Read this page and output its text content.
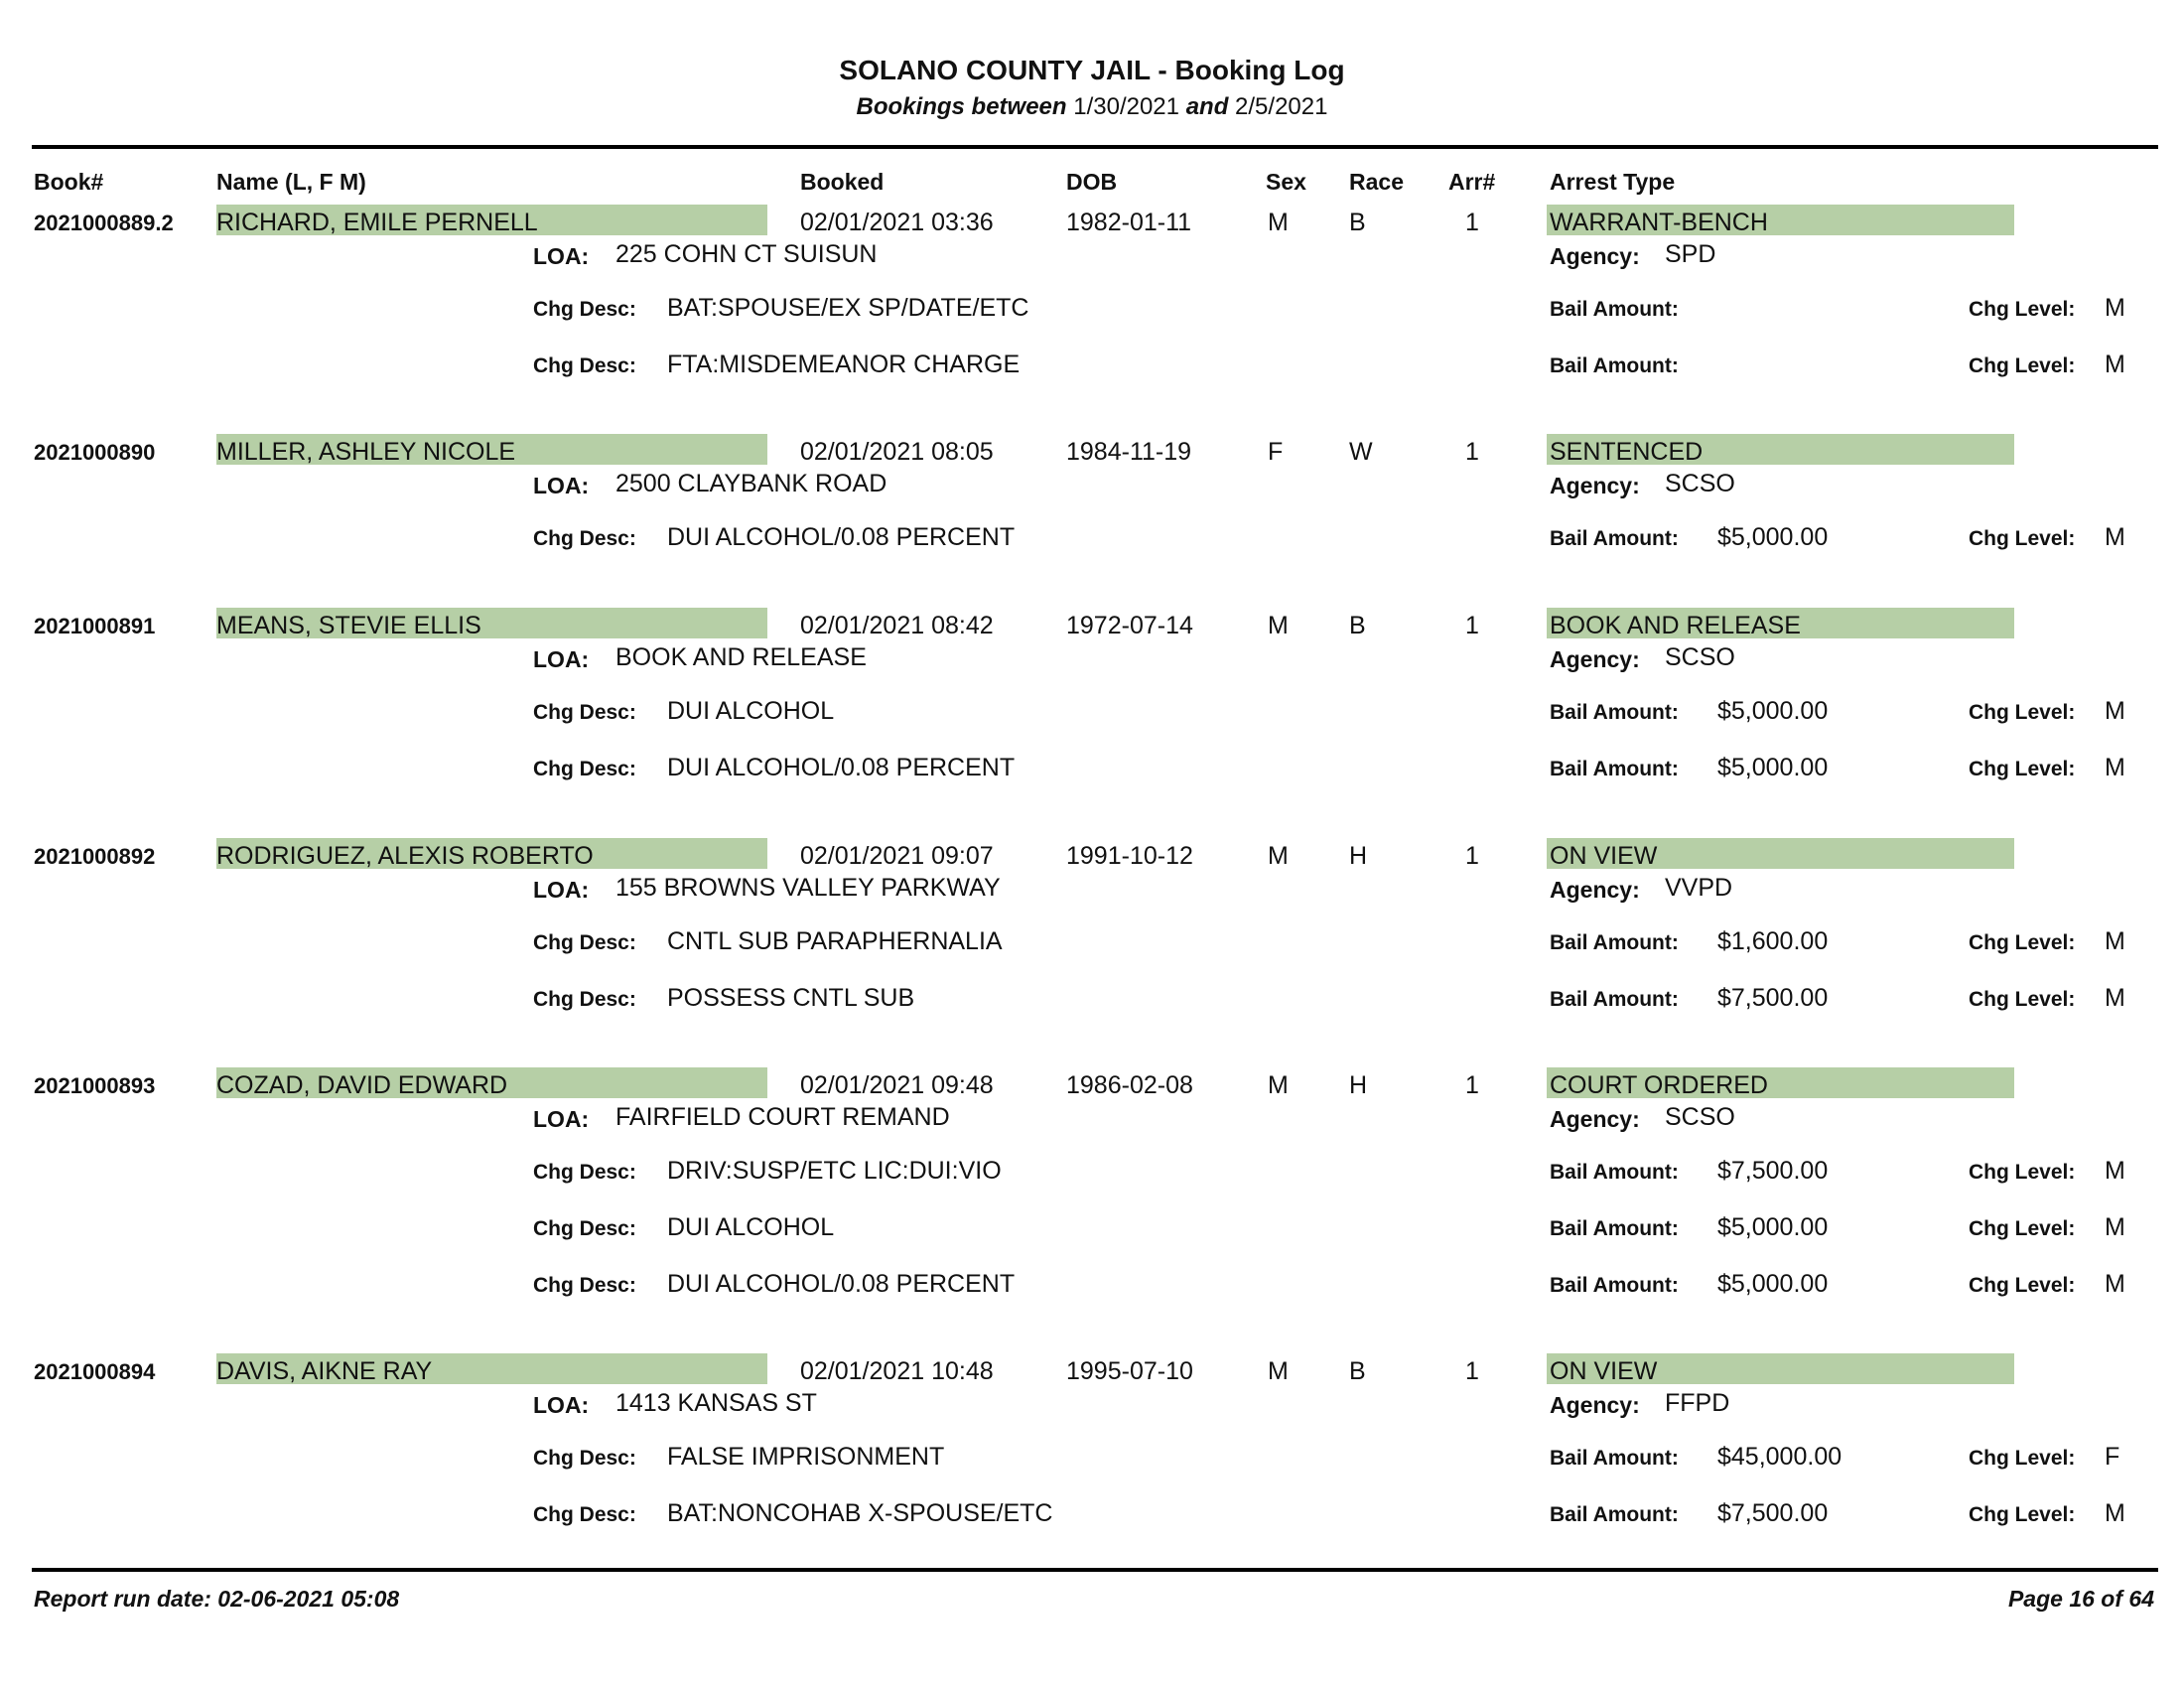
SOLANO COUNTY JAIL - Booking Log
Bookings between 1/30/2021 and 2/5/2021
Book#	Name (L, F M)	Booked	DOB	Sex Race Arr# Arrest Type
2021000889.2 RICHARD, EMILE PERNELL	02/01/2021 03:36	1982-01-11	M B	1	WARRANT-BENCH
LOA: 225 COHN CT SUISUN	Agency: SPD
Chg Desc: BAT:SPOUSE/EX SP/DATE/ETC	Bail Amount:	Chg Level: M
Chg Desc: FTA:MISDEMEANOR CHARGE	Bail Amount:	Chg Level: M
2021000890 MILLER, ASHLEY NICOLE	02/01/2021 08:05	1984-11-19	F	W	1	SENTENCED
LOA: 2500 CLAYBANK ROAD	Agency: SCSO
Chg Desc: DUI ALCOHOL/0.08 PERCENT	Bail Amount: $5,000.00	Chg Level: M
2021000891 MEANS, STEVIE ELLIS	02/01/2021 08:42	1972-07-14	M B	1	BOOK AND RELEASE
LOA: BOOK AND RELEASE	Agency: SCSO
Chg Desc: DUI ALCOHOL	Bail Amount: $5,000.00	Chg Level: M
Chg Desc: DUI ALCOHOL/0.08 PERCENT	Bail Amount: $5,000.00	Chg Level: M
2021000892 RODRIGUEZ, ALEXIS ROBERTO	02/01/2021 09:07	1991-10-12	M H	1	ON VIEW
LOA: 155 BROWNS VALLEY PARKWAY	Agency: VVPD
Chg Desc: CNTL SUB PARAPHERNALIA	Bail Amount: $1,600.00	Chg Level: M
Chg Desc: POSSESS CNTL SUB	Bail Amount: $7,500.00	Chg Level: M
2021000893 COZAD, DAVID EDWARD	02/01/2021 09:48	1986-02-08	M H	1	COURT ORDERED
LOA: FAIRFIELD COURT REMAND	Agency: SCSO
Chg Desc: DRIV:SUSP/ETC LIC:DUI:VIO	Bail Amount: $7,500.00	Chg Level: M
Chg Desc: DUI ALCOHOL	Bail Amount: $5,000.00	Chg Level: M
Chg Desc: DUI ALCOHOL/0.08 PERCENT	Bail Amount: $5,000.00	Chg Level: M
2021000894 DAVIS, AIKNE RAY	02/01/2021 10:48	1995-07-10	M B	1	ON VIEW
LOA: 1413 KANSAS ST	Agency: FFPD
Chg Desc: FALSE IMPRISONMENT	Bail Amount: $45,000.00	Chg Level: F
Chg Desc: BAT:NONCOHAB X-SPOUSE/ETC	Bail Amount: $7,500.00	Chg Level: M
Report run date: 02-06-2021 05:08	Page 16 of 64
